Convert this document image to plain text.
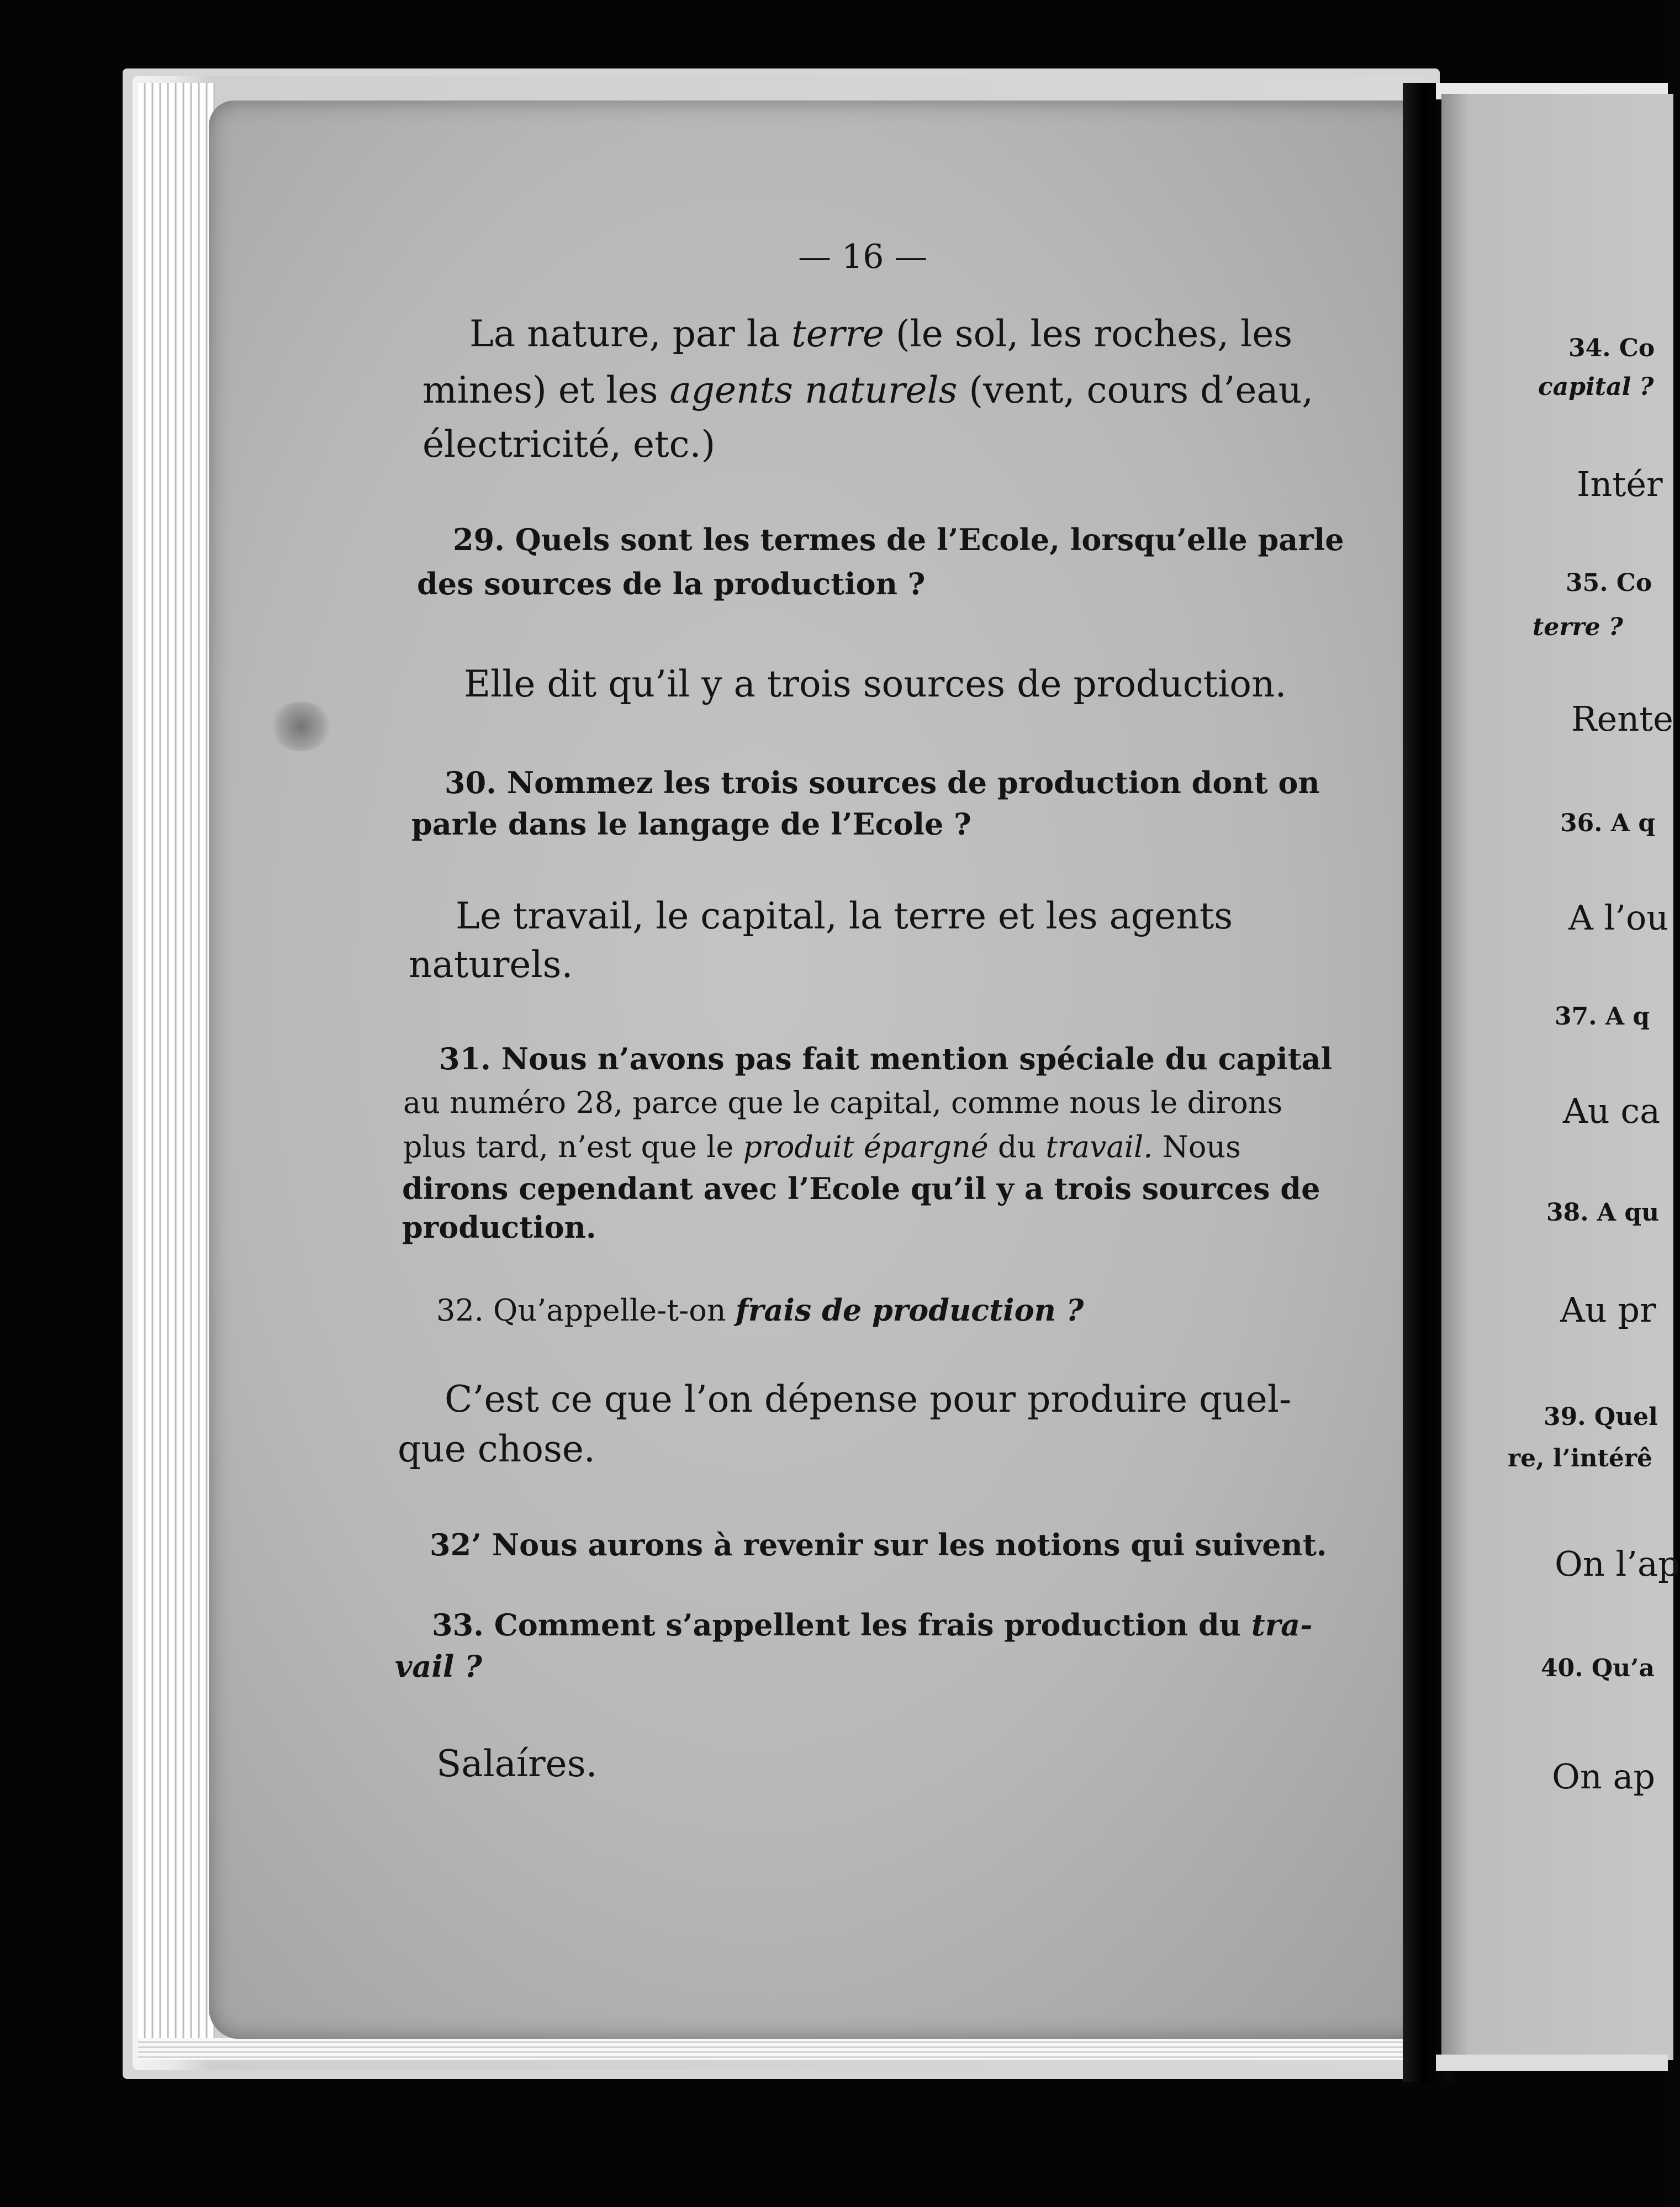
— 16 —
La nature, par la terre (le sol, les roches, les
mines) et les agents naturels (vent, cours d’eau,
électricité, etc.)
29. Quels sont les termes de l’Ecole, lorsqu’elle parle
des sources de la production ?
Elle dit qu’il y a trois sources de production.
30. Nommez les trois sources de production dont on
parle dans le langage de l’Ecole ?
Le travail, le capital, la terre et les agents
naturels.
31. Nous n’avons pas fait mention spéciale du capital
au numéro 28, parce que le capital, comme nous le dirons
plus tard, n’est que le produit épargné du travail. Nous
dirons cependant avec l’Ecole qu’il y a trois sources de
production.
32. Qu’appelle-t-on frais de production ?
C’est ce que l’on dépense pour produire quel-
que chose.
32’ Nous aurons à revenir sur les notions qui suivent.
33. Comment s’appellent les frais production du tra-
vail ?
Salaíres.
34. Co
capital ?
Intér
35. Co
terre ?
Rente
36. A q
A l’ou
37. A q
Au ca
38. A qu
Au pr
39. Quel
re, l’intérê
On l’ap
40. Qu’a
On ap
